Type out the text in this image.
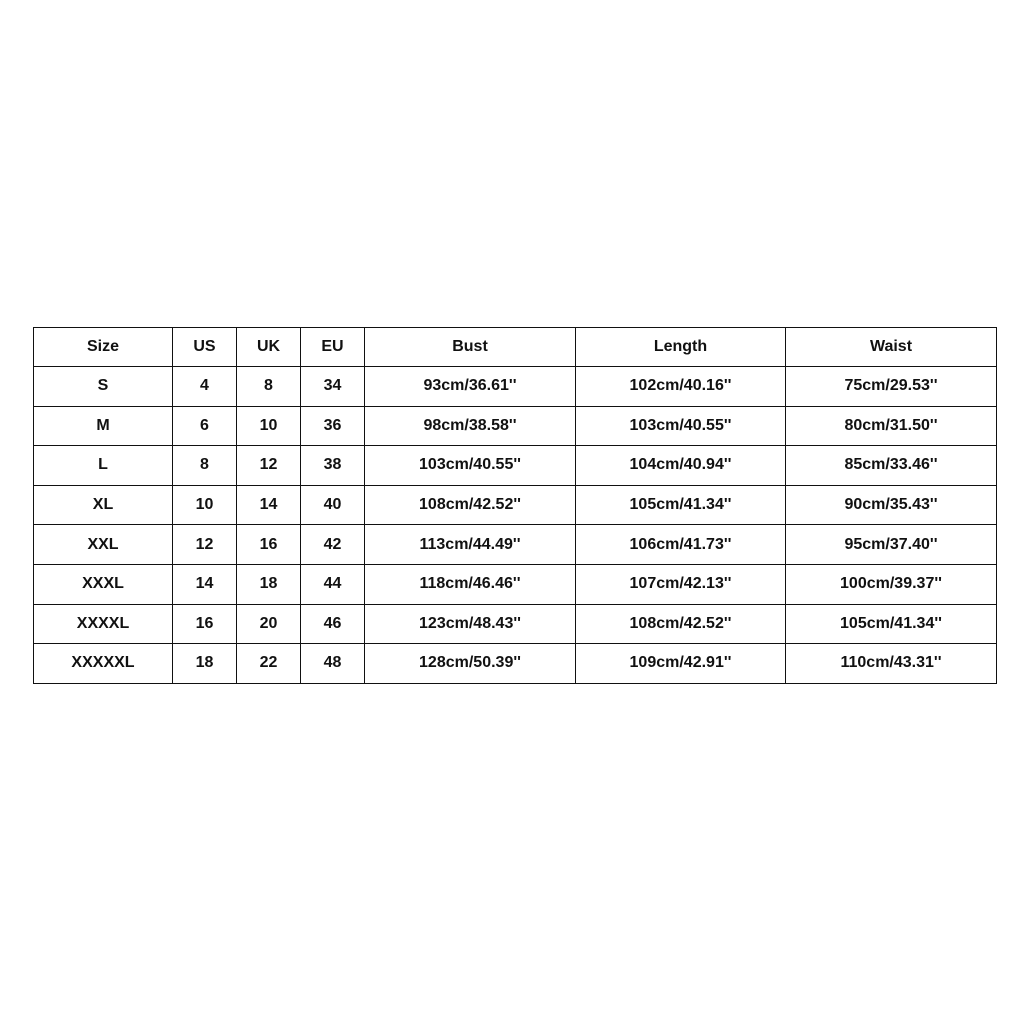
Size	US	UK	EU	Bust	Length	Waist
S	4	8	34	93cm/36.61''	102cm/40.16''	75cm/29.53''
M	6	10	36	98cm/38.58''	103cm/40.55''	80cm/31.50''
L	8	12	38	103cm/40.55''	104cm/40.94''	85cm/33.46''
XL	10	14	40	108cm/42.52''	105cm/41.34''	90cm/35.43''
XXL	12	16	42	113cm/44.49''	106cm/41.73''	95cm/37.40''
XXXL	14	18	44	118cm/46.46''	107cm/42.13''	100cm/39.37''
XXXXL	16	20	46	123cm/48.43''	108cm/42.52''	105cm/41.34''
XXXXXL	18	22	48	128cm/50.39''	109cm/42.91''	110cm/43.31''
